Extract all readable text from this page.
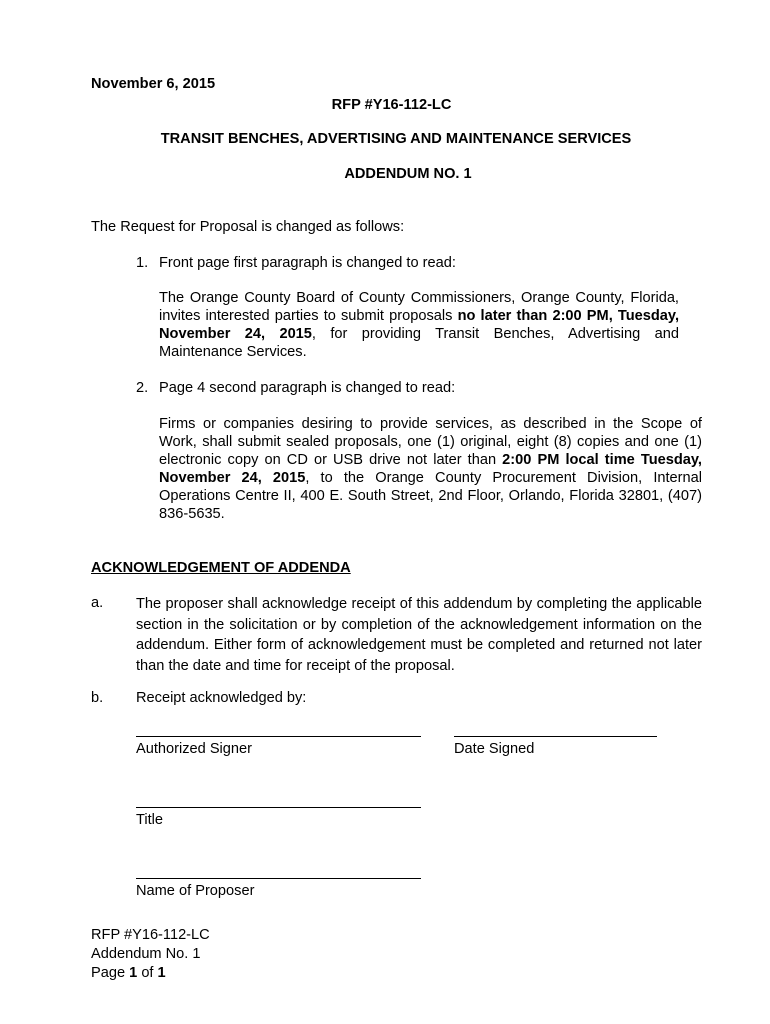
November 6, 2015
RFP #Y16-112-LC
TRANSIT BENCHES, ADVERTISING AND MAINTENANCE SERVICES
ADDENDUM NO. 1
The Request for Proposal is changed as follows:
1. Front page first paragraph is changed to read:
The Orange County Board of County Commissioners, Orange County, Florida, invites interested parties to submit proposals no later than 2:00 PM, Tuesday, November 24, 2015, for providing Transit Benches, Advertising and Maintenance Services.
2. Page 4 second paragraph is changed to read:
Firms or companies desiring to provide services, as described in the Scope of Work, shall submit sealed proposals, one (1) original, eight (8) copies and one (1) electronic copy on CD or USB drive not later than 2:00 PM local time Tuesday, November 24, 2015, to the Orange County Procurement Division, Internal Operations Centre II, 400 E. South Street, 2nd Floor, Orlando, Florida 32801, (407) 836-5635.
ACKNOWLEDGEMENT OF ADDENDA
a. The proposer shall acknowledge receipt of this addendum by completing the applicable section in the solicitation or by completion of the acknowledgement information on the addendum. Either form of acknowledgement must be completed and returned not later than the date and time for receipt of the proposal.
b. Receipt acknowledged by:
Authorized Signer	Date Signed
Title
Name of Proposer
RFP #Y16-112-LC
Addendum No. 1
Page 1 of 1
